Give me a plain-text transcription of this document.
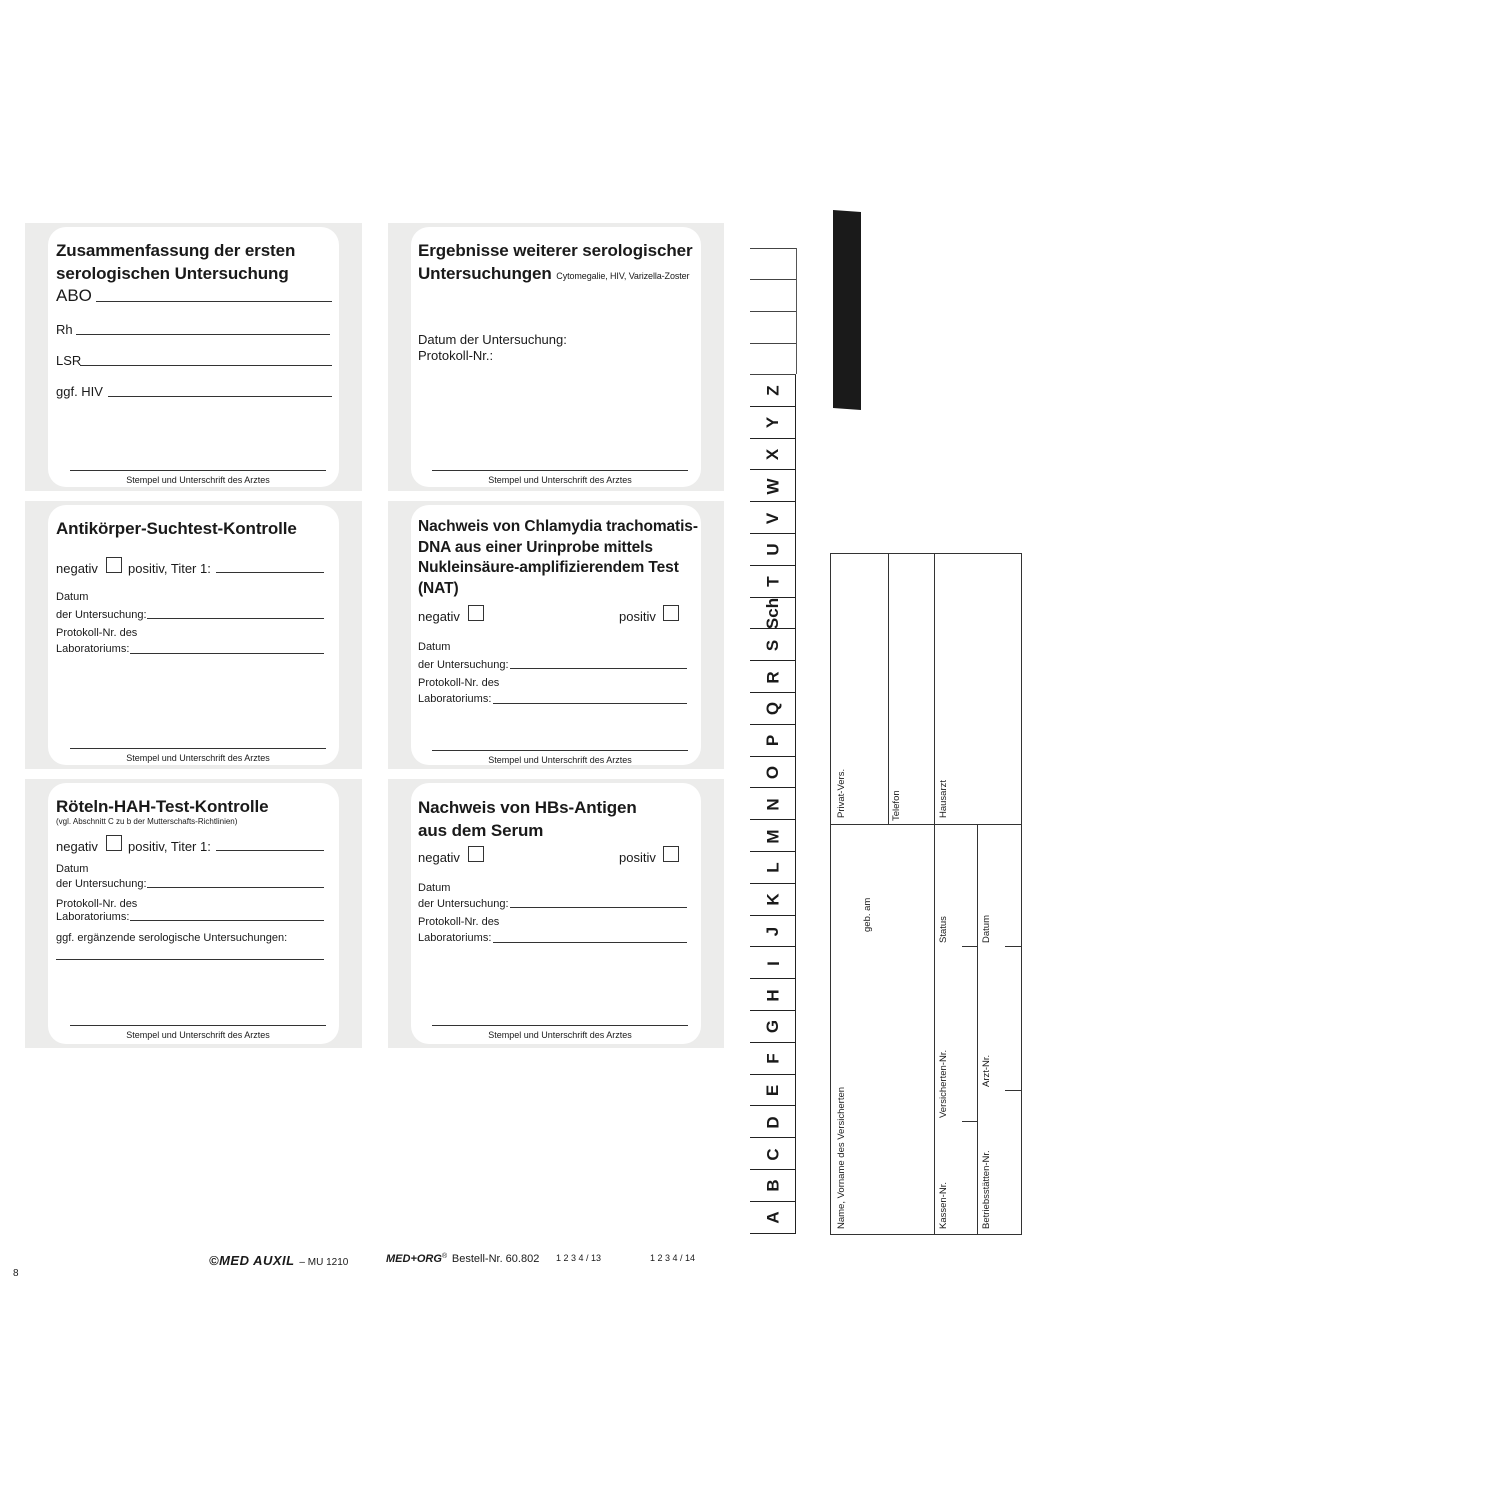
Zusammenfassung der ersten
serologischen Untersuchung
ABO
Rh
LSR
ggf. HIV
Stempel und Unterschrift des Arztes
Ergebnisse weiterer serologischer
Untersuchungen Cytomegalie, HIV, Varizella-Zoster
Datum der Untersuchung:
Protokoll-Nr.:
Stempel und Unterschrift des Arztes
Antikörper-Suchtest-Kontrolle
negativ positiv, Titer 1:
Datum
der Untersuchung:
Protokoll-Nr. des
Laboratoriums:
Stempel und Unterschrift des Arztes
Nachweis von Chlamydia trachomatis-
DNA aus einer Urinprobe mittels
Nukleinsäure-amplifizierendem Test
(NAT)
negativ	positiv
Datum
der Untersuchung:
Protokoll-Nr. des
Laboratoriums:
Stempel und Unterschrift des Arztes
Röteln-HAH-Test-Kontrolle
(vgl. Abschnitt C zu b der Mutterschafts-Richtlinien)
negativ positiv, Titer 1:
Datum
der Untersuchung:
Protokoll-Nr. des
Laboratoriums:
ggf. ergänzende serologische Untersuchungen:
Stempel und Unterschrift des Arztes
Nachweis von HBs-Antigen
aus dem Serum
negativ	positiv
Datum
der Untersuchung:
Protokoll-Nr. des
Laboratoriums:
Stempel und Unterschrift des Arztes
Z
Y
X
W
V
U
T
Sch
S
R
Q
P
O
N
M
L
K
J
I
H
G
F
E
D
C
B
A
Mutterschaftskartei
Privat-Vers.	Telefon	Hausarzt
geb. am	Status	Datum
Name, Vorname des Versicherten
Versicherten-Nr.	Arzt-Nr.
Kassen-Nr.	Betriebsstätten-Nr.
©MED AUXIL – MU 1210	MED+ORG® Bestell-Nr. 60.802 1 2 3 4 / 13	1 2 3 4 / 14
8
